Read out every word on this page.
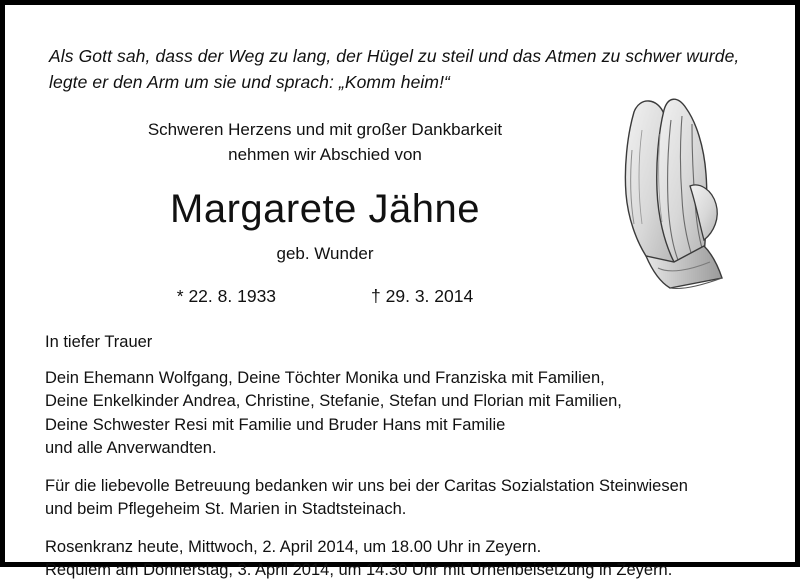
Als Gott sah, dass der Weg zu lang, der Hügel zu steil und das Atmen zu schwer wurde,
legte er den Arm um sie und sprach: „Komm heim!“
Schweren Herzens und mit großer Dankbarkeit
nehmen wir Abschied von
Margarete Jähne
geb. Wunder
* 22. 8. 1933	† 29. 3. 2014
In tiefer Trauer
Dein Ehemann Wolfgang, Deine Töchter Monika und Franziska mit Familien,
Deine Enkelkinder Andrea, Christine, Stefanie, Stefan und Florian mit Familien,
Deine Schwester Resi mit Familie und Bruder Hans mit Familie
und alle Anverwandten.
Für die liebevolle Betreuung bedanken wir uns bei der Caritas Sozialstation Steinwiesen
und beim Pflegeheim St. Marien in Stadtsteinach.
Rosenkranz heute, Mittwoch, 2. April 2014, um 18.00 Uhr in Zeyern.
Requiem am Donnerstag, 3. April 2014, um 14.30 Uhr mit Urnenbeisetzung in Zeyern.
